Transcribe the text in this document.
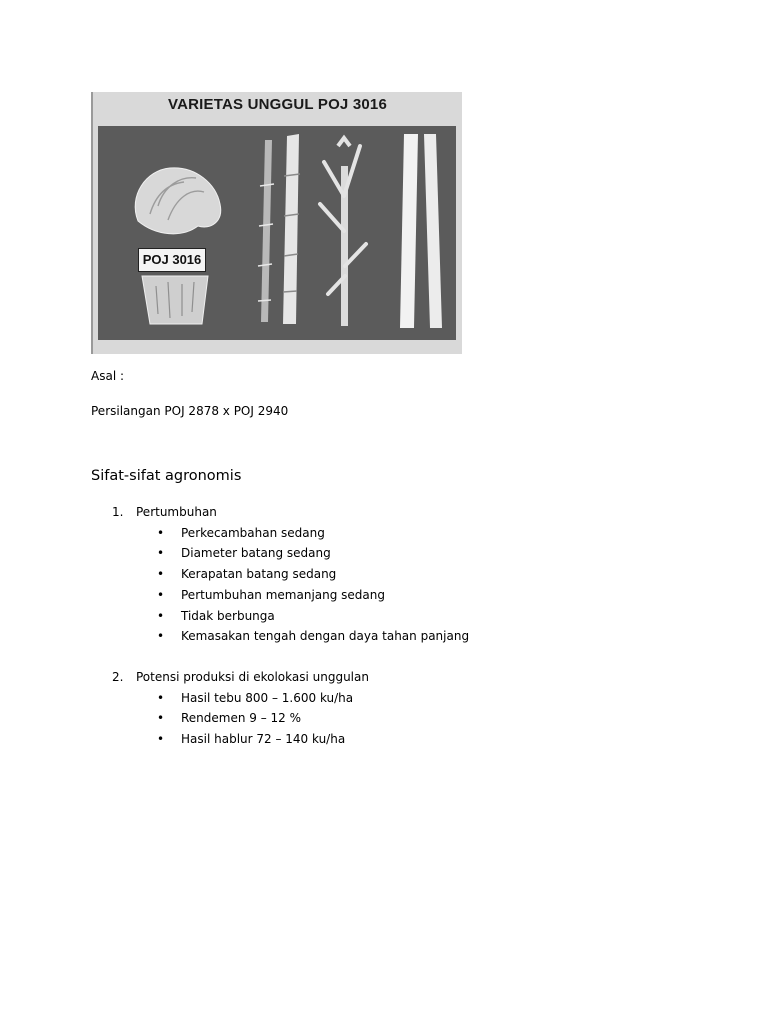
VARIETAS UNGGUL POJ 3016
POJ 3016
Asal :
Persilangan POJ 2878 x POJ 2940
Sifat-sifat agronomis
1. Pertumbuhan
• Perkecambahan sedang
• Diameter batang sedang
• Kerapatan batang sedang
• Pertumbuhan memanjang sedang
• Tidak berbunga
• Kemasakan tengah dengan daya tahan panjang
2. Potensi produksi di ekolokasi unggulan
• Hasil tebu 800 – 1.600 ku/ha
• Rendemen 9 – 12 %
• Hasil hablur 72 – 140 ku/ha
